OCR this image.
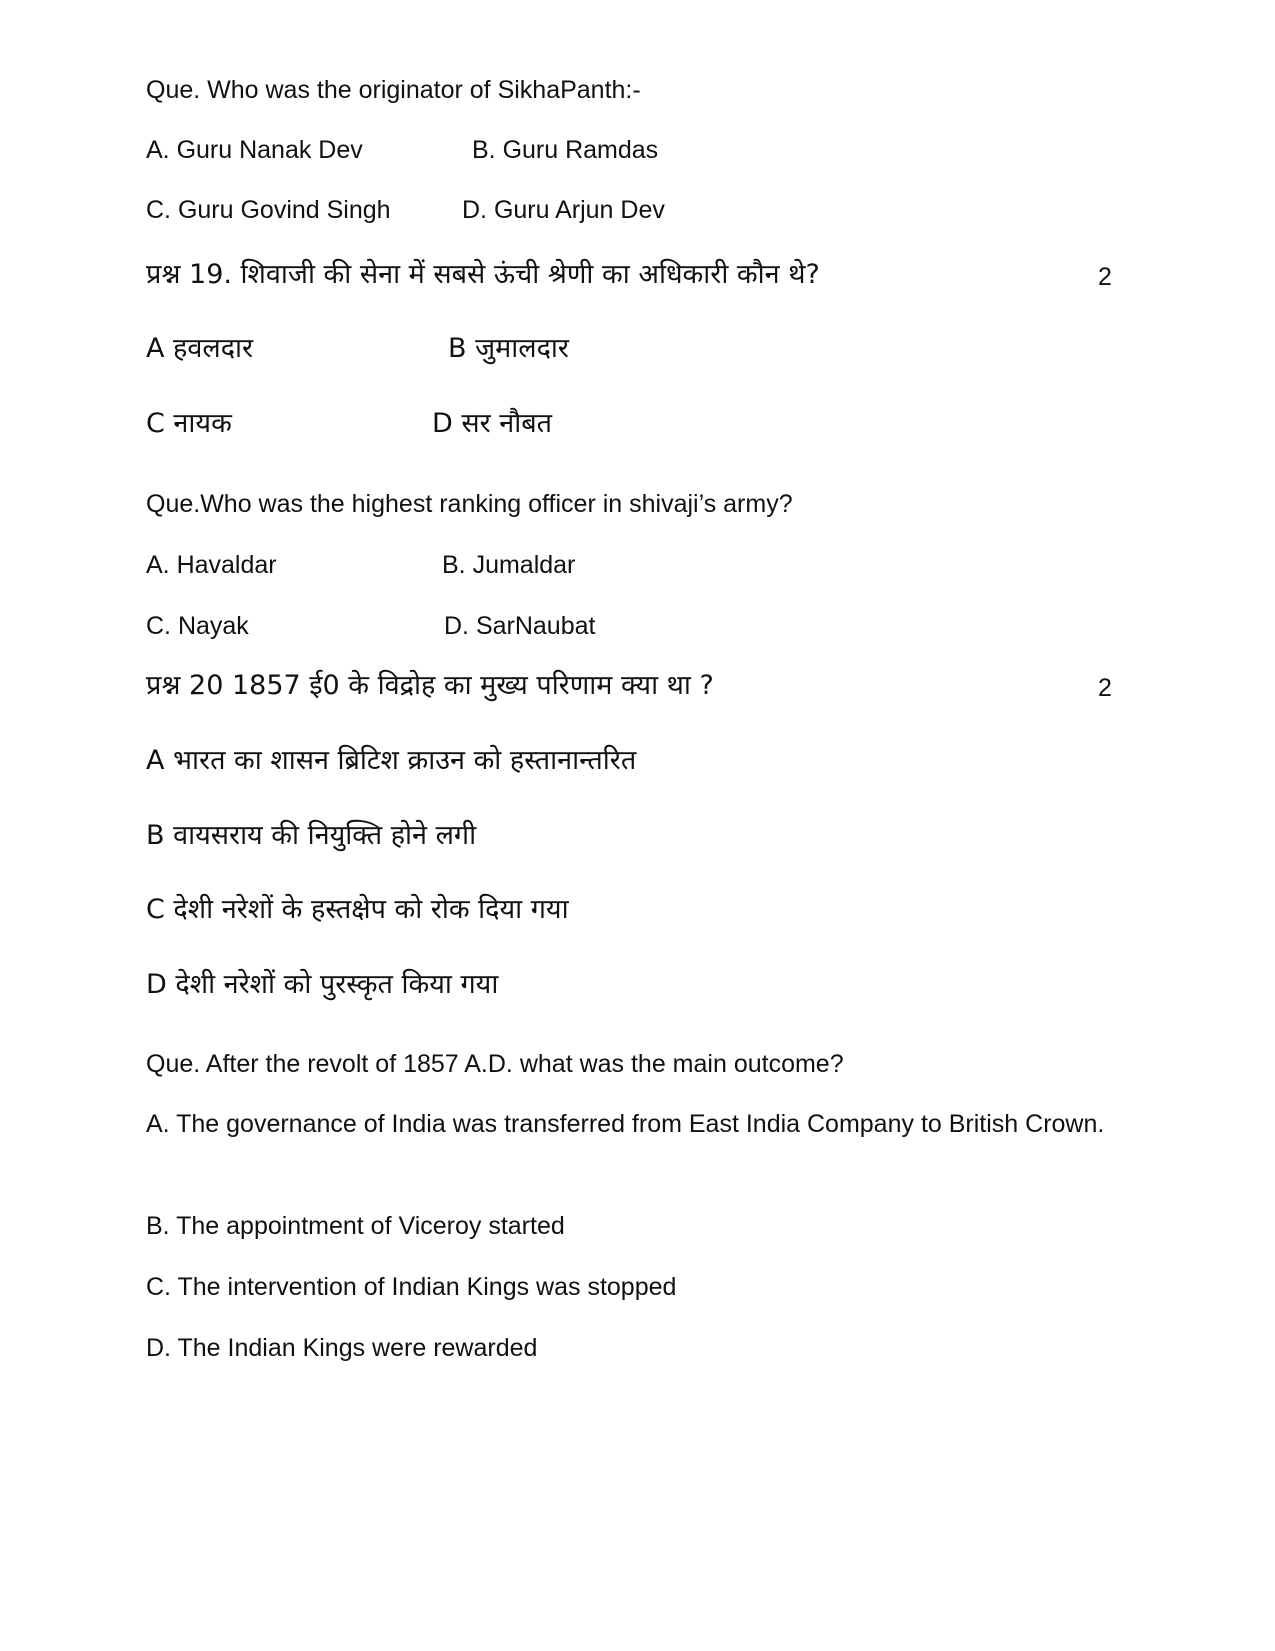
Que. Who was the originator of SikhaPanth:-
A. Guru Nanak Dev	B. Guru Ramdas
C. Guru Govind Singh	D. Guru Arjun Dev
प्रश्न 19. शिवाजी की सेना में सबसे ऊंची श्रेणी का अधिकारी कौन थे?	2
A हवलदार	B जुमालदार
C नायक	D सर नौबत
Que.Who was the highest ranking officer in shivaji’s army?
A. Havaldar	B. Jumaldar
C. Nayak	D. SarNaubat
प्रश्न 20 1857 ई0 के विद्रोह का मुख्य परिणाम क्या था ?	2
A भारत का शासन ब्रिटिश क्राउन को हस्तानान्तरित
B वायसराय की नियुक्ति होने लगी
C देशी नरेशों के हस्तक्षेप को रोक दिया गया
D देशी नरेशों को पुरस्कृत किया गया
Que. After the revolt of 1857 A.D. what was the main outcome?
A. The governance of India was transferred from East India Company to British Crown.
B. The appointment of Viceroy started
C. The intervention of Indian Kings was stopped
D. The Indian Kings were rewarded
